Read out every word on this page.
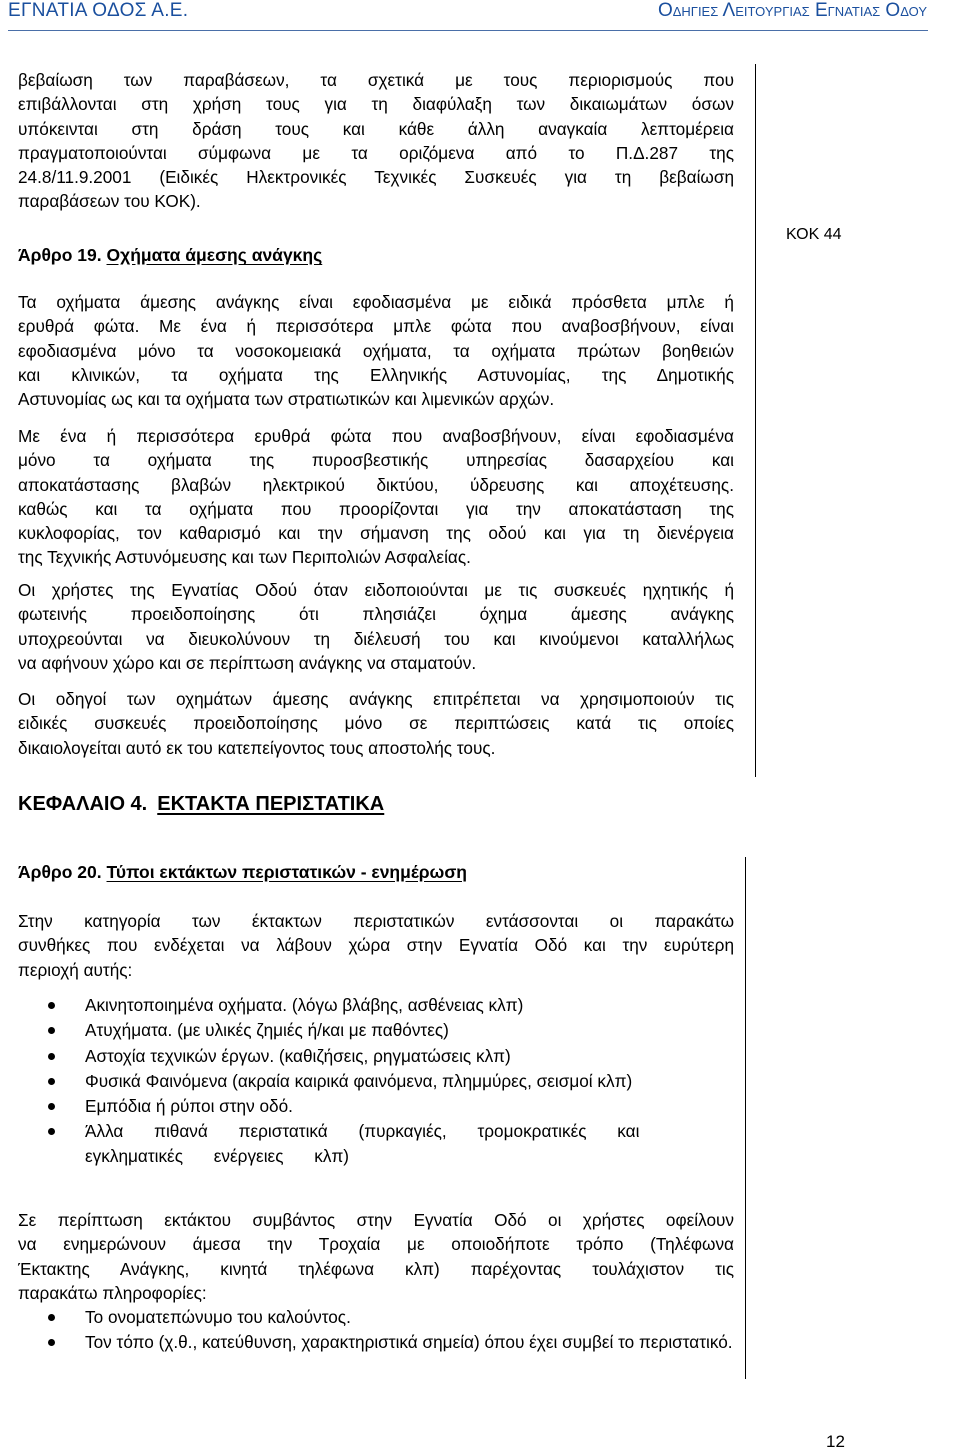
ΕΓΝΑΤΙΑ ΟΔΟΣ Α.Ε.	Οδηγιες Λειτουργιας Εγνατιας Οδου
βεβαίωση των παραβάσεων, τα σχετικά με τους περιορισμούς που
επιβάλλονται στη χρήση τους για τη διαφύλαξη των δικαιωμάτων όσων
υπόκεινται στη δράση τους και κάθε άλλη αναγκαία λεπτομέρεια
πραγματοποιούνται σύμφωνα με τα οριζόμενα από το Π.Δ.287 της
24.8/11.9.2001 (Ειδικές Ηλεκτρονικές Τεχνικές Συσκευές για τη βεβαίωση
παραβάσεων του ΚΟΚ).
Άρθρο 19. Οχήματα άμεσης ανάγκης
ΚΟΚ 44
Τα οχήματα άμεσης ανάγκης είναι εφοδιασμένα με ειδικά πρόσθετα μπλε ή
ερυθρά φώτα. Με ένα ή περισσότερα μπλε φώτα που αναβοσβήνουν, είναι
εφοδιασμένα μόνο τα νοσοκομειακά οχήματα, τα οχήματα πρώτων βοηθειών
και κλινικών, τα οχήματα της Ελληνικής Αστυνομίας, της Δημοτικής
Αστυνομίας ως και τα οχήματα των στρατιωτικών και λιμενικών αρχών.
Με ένα ή περισσότερα ερυθρά φώτα που αναβοσβήνουν, είναι εφοδιασμένα
μόνο τα οχήματα της πυροσβεστικής υπηρεσίας δασαρχείου και
αποκατάστασης βλαβών ηλεκτρικού δικτύου, ύδρευσης και αποχέτευσης.
καθώς και τα οχήματα που προορίζονται για την αποκατάσταση της
κυκλοφορίας, τον καθαρισμό και την σήμανση της οδού και για τη διενέργεια
της Τεχνικής Αστυνόμευσης και των Περιπολιών Ασφαλείας.
Οι χρήστες της Εγνατίας Οδού όταν ειδοποιούνται με τις συσκευές ηχητικής ή
φωτεινής προειδοποίησης ότι πλησιάζει όχημα άμεσης ανάγκης
υποχρεούνται να διευκολύνουν τη διέλευσή του και κινούμενοι καταλλήλως
να αφήνουν χώρο και σε περίπτωση ανάγκης να σταματούν.
Οι οδηγοί των οχημάτων άμεσης ανάγκης επιτρέπεται να χρησιμοποιούν τις
ειδικές συσκευές προειδοποίησης μόνο σε περιπτώσεις κατά τις οποίες
δικαιολογείται αυτό εκ του κατεπείγοντος τους αποστολής τους.
ΚΕΦΑΛΑΙΟ 4. ΕΚΤΑΚΤΑ ΠΕΡΙΣΤΑΤΙΚΑ
Άρθρο 20. Τύποι εκτάκτων περιστατικών - ενημέρωση
Στην κατηγορία των έκτακτων περιστατικών εντάσσονται οι παρακάτω
συνθήκες που ενδέχεται να λάβουν χώρα στην Εγνατία Οδό και την ευρύτερη
περιοχή αυτής:
Ακινητοποιημένα οχήματα. (λόγω βλάβης, ασθένειας κλπ)
Ατυχήματα. (με υλικές ζημιές ή/και με παθόντες)
Αστοχία τεχνικών έργων. (καθιζήσεις, ρηγματώσεις κλπ)
Φυσικά Φαινόμενα (ακραία καιρικά φαινόμενα, πλημμύρες, σεισμοί κλπ)
Εμπόδια ή ρύποι στην οδό.
Άλλα πιθανά περιστατικά (πυρκαγιές, τρομοκρατικές και εγκληματικές ενέργειες κλπ)
Σε περίπτωση εκτάκτου συμβάντος στην Εγνατία Οδό οι χρήστες οφείλουν
να ενημερώνουν άμεσα την Τροχαία με οποιοδήποτε τρόπο (Τηλέφωνα
Έκτακτης Ανάγκης, κινητά τηλέφωνα κλπ) παρέχοντας τουλάχιστον τις
παρακάτω πληροφορίες:
Το ονοματεπώνυμο του καλούντος.
Τον τόπο (χ.θ., κατεύθυνση, χαρακτηριστικά σημεία) όπου έχει συμβεί το περιστατικό.
12
